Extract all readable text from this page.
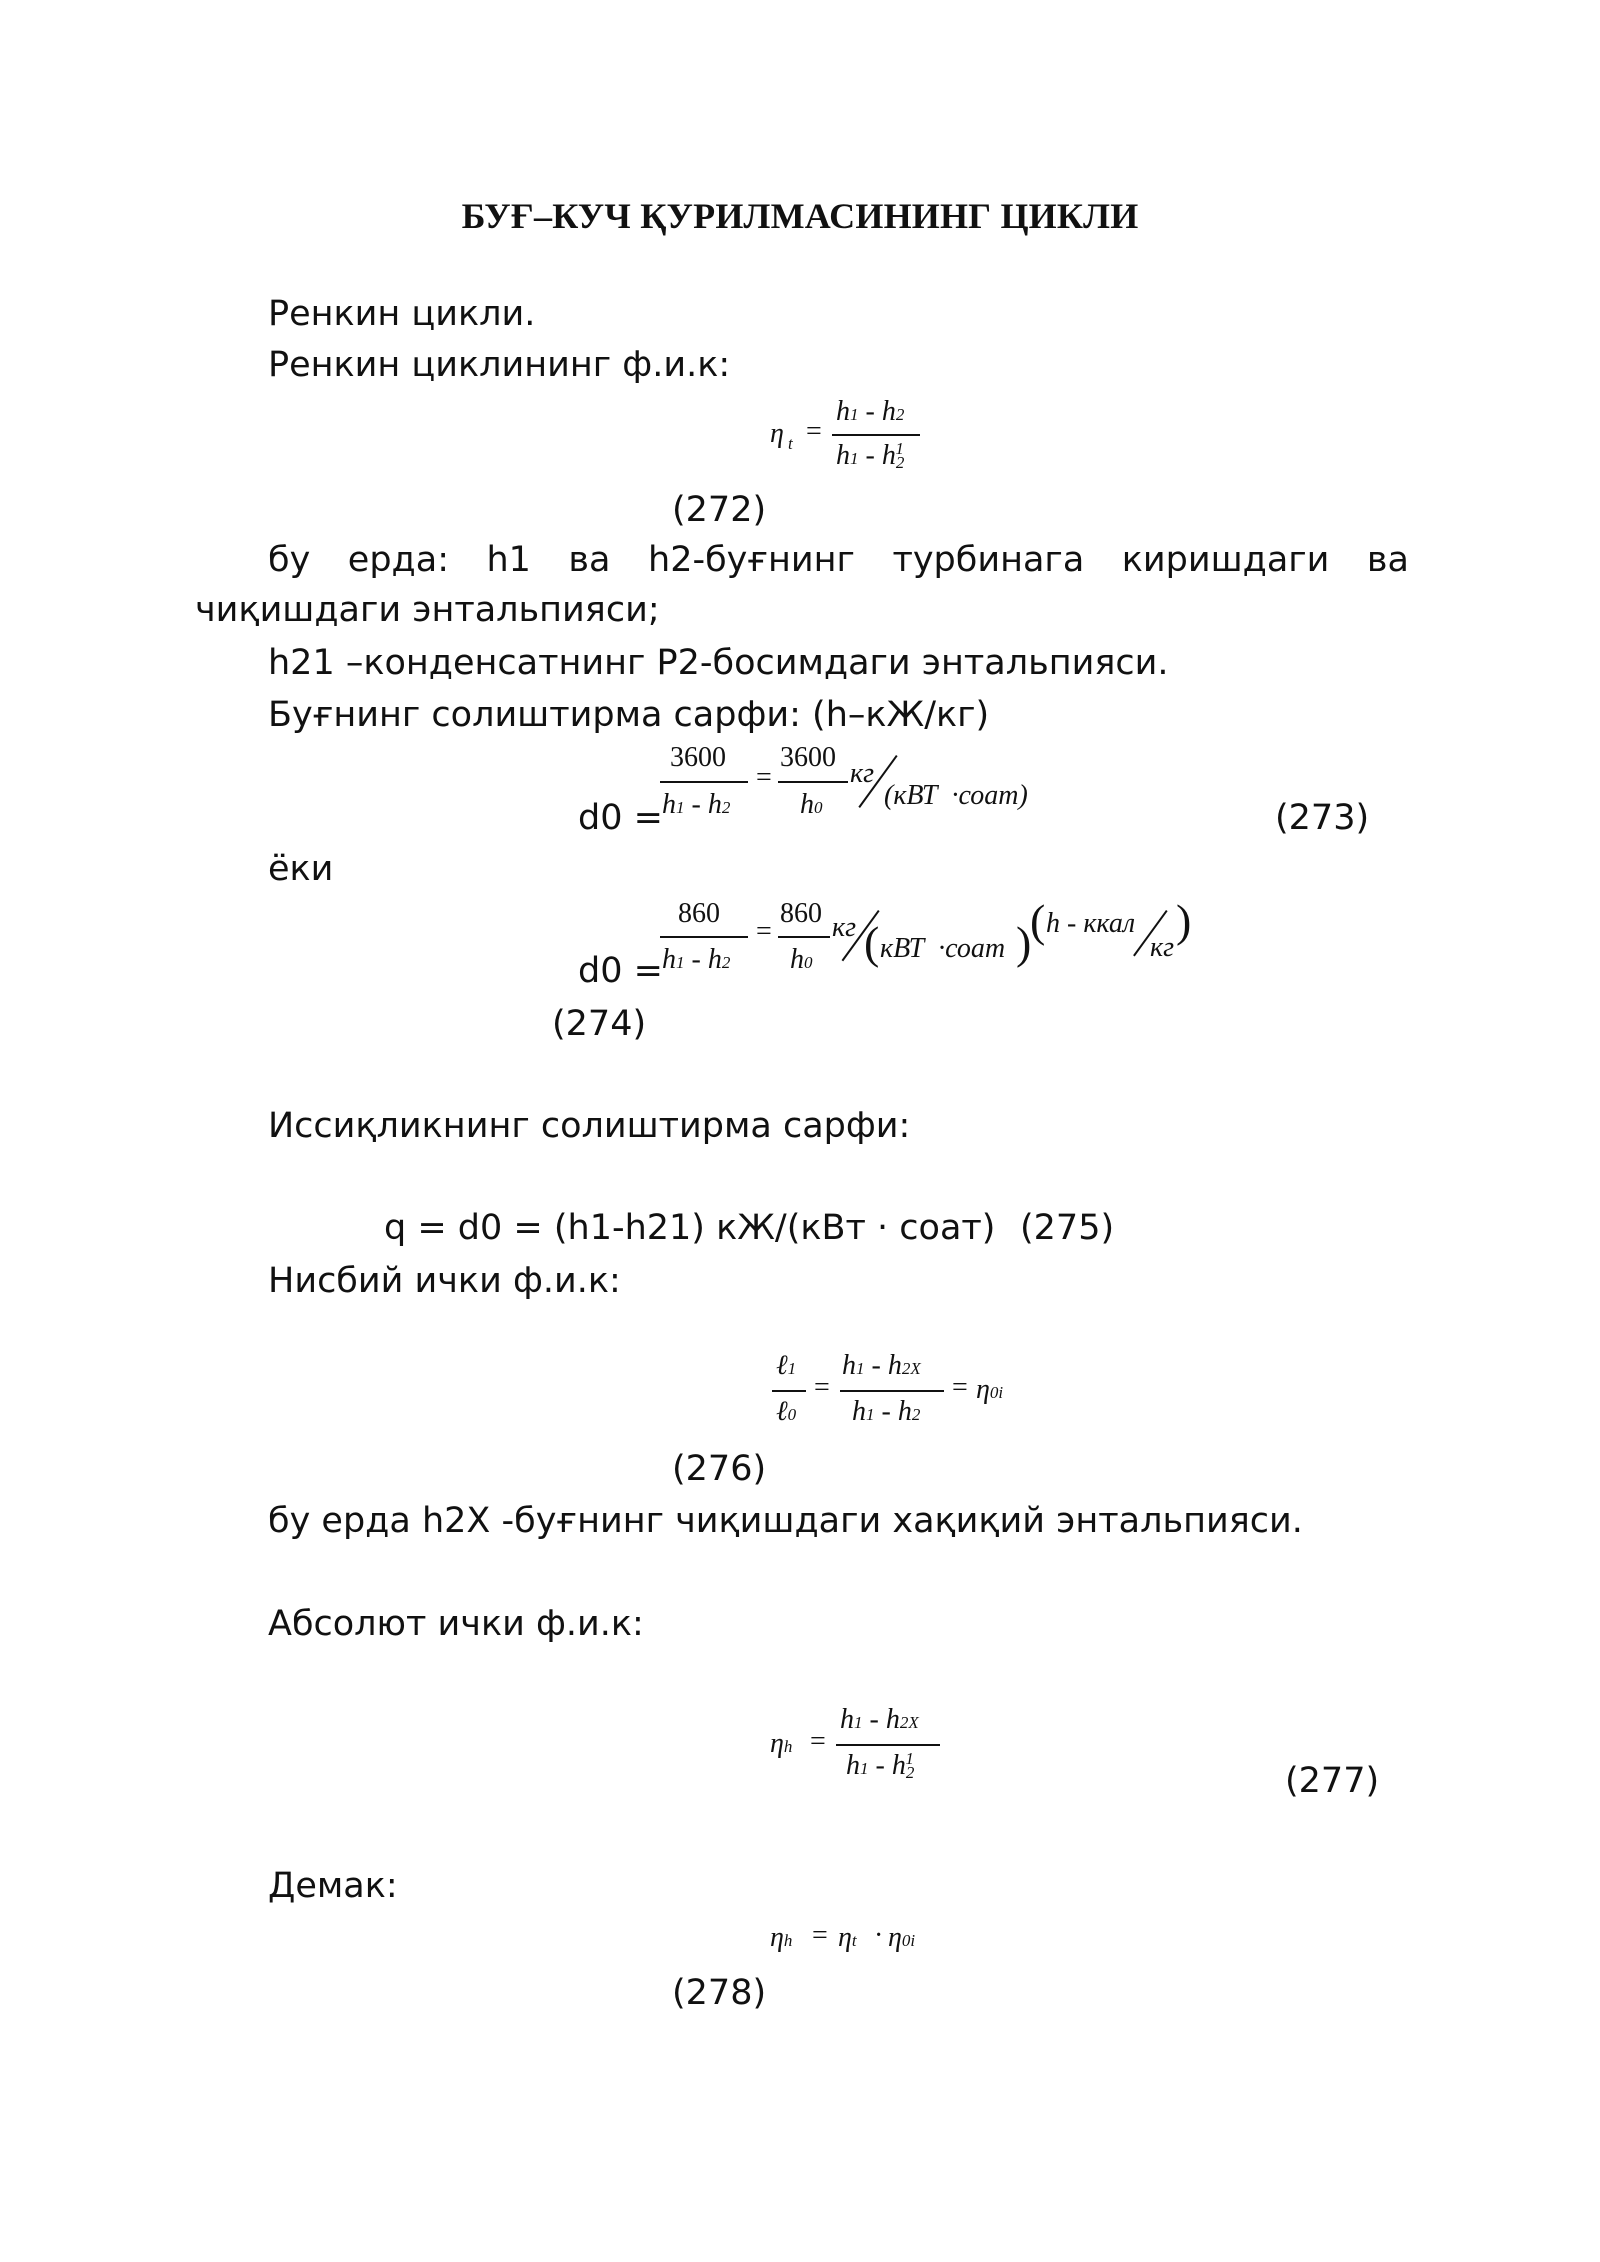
БУҒ–КУЧ ҚУРИЛМАСИНИНГ ЦИКЛИ
Ренкин цикли.
Ренкин циклининг ф.и.к:
η t =
h1 - h2
$h1 - h2^1$
(272)
бу ерда: h1 ва h2-буғнинг турбинага киришдаги ва
чиқишдаги энтальпияси;
h21 –конденсатнинг P2-босимдаги энтальпияси.
Буғнинг солиштирма сарфи: (h–кЖ/кг)
d0 =
3600
h1 - h2
=
3600
h0
кг
(кВТ  ·соат)
(273)
ёки
d0 =
860
h1 - h2
=
860
h0
кг ( кВТ  ·соат )
( h - ккал
кг
)
(274)
Иссиқликнинг солиштирма сарфи:
q = d0 = (h1-h21) кЖ/(кВт · соат) (275)
Нисбий ички ф.и.к:
ℓ1
ℓ0
=
h1 - h2X
h1 - h2
= η0i
(276)
бу ерда h2X -буғнинг чиқишдаги хақиқий энтальпияси.
Абсолют ички ф.и.к:
ηh =
h1 - h2X
$h1 - h2^1$
(277)
Демак:
ηh = ηt · η0i
(278)
